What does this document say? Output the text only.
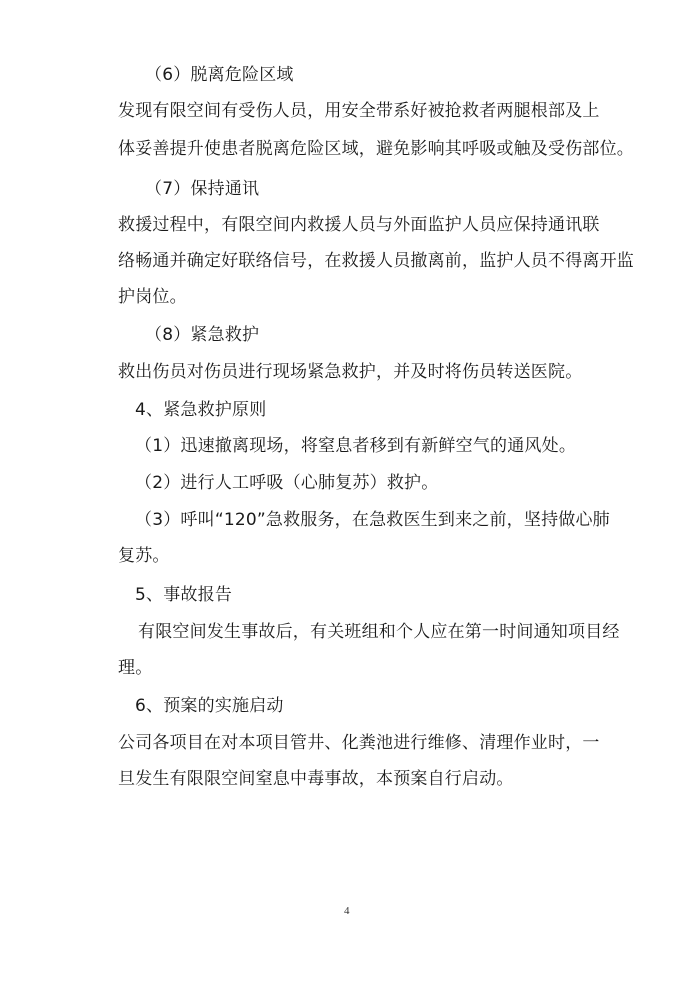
（6）脱离危险区域
发现有限空间有受伤人员，用安全带系好被抢救者两腿根部及上
体妥善提升使患者脱离危险区域，避免影响其呼吸或触及受伤部位。
（7）保持通讯
救援过程中，有限空间内救援人员与外面监护人员应保持通讯联
络畅通并确定好联络信号，在救援人员撤离前，监护人员不得离开监
护岗位。
（8）紧急救护
救出伤员对伤员进行现场紧急救护，并及时将伤员转送医院。
4、紧急救护原则
（1）迅速撤离现场，将窒息者移到有新鲜空气的通风处。
（2）进行人工呼吸（心肺复苏）救护。
（3）呼叫“120”急救服务，在急救医生到来之前，坚持做心肺
复苏。
5、事故报告
有限空间发生事故后，有关班组和个人应在第一时间通知项目经
理。
6、预案的实施启动
公司各项目在对本项目管井、化粪池进行维修、清理作业时，一
旦发生有限限空间窒息中毒事故，本预案自行启动。
4
